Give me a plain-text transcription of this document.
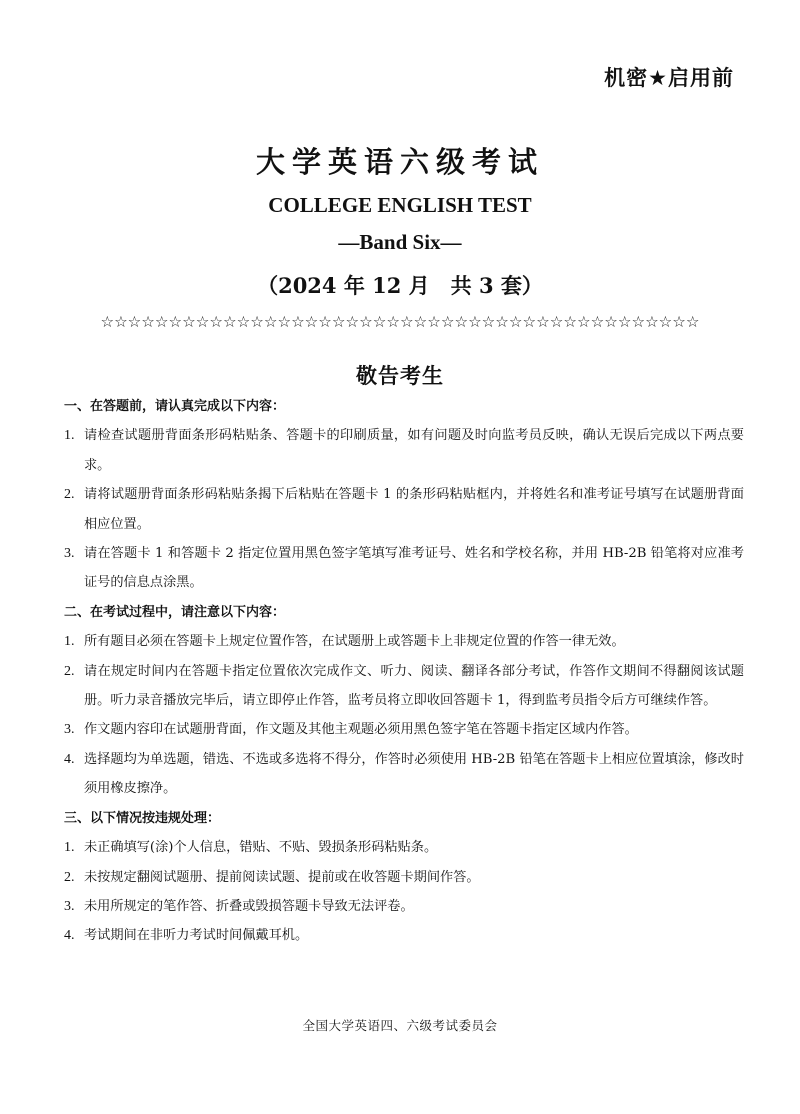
机密★启用前
大学英语六级考试
COLLEGE ENGLISH TEST
—Band Six—
（2024 年 12 月　共 3 套）
☆☆☆☆☆☆☆☆☆☆☆☆☆☆☆☆☆☆☆☆☆☆☆☆☆☆☆☆☆☆☆☆☆☆☆☆☆☆☆☆☆☆☆☆
敬告考生
一、在答题前，请认真完成以下内容：
1. 请检查试题册背面条形码粘贴条、答题卡的印刷质量，如有问题及时向监考员反映，确认无误后完成以下两点要求。
2. 请将试题册背面条形码粘贴条揭下后粘贴在答题卡 1 的条形码粘贴框内，并将姓名和准考证号填写在试题册背面相应位置。
3. 请在答题卡 1 和答题卡 2 指定位置用黑色签字笔填写准考证号、姓名和学校名称，并用 HB-2B 铅笔将对应准考证号的信息点涂黑。
二、在考试过程中，请注意以下内容：
1. 所有题目必须在答题卡上规定位置作答，在试题册上或答题卡上非规定位置的作答一律无效。
2. 请在规定时间内在答题卡指定位置依次完成作文、听力、阅读、翻译各部分考试，作答作文期间不得翻阅该试题册。听力录音播放完毕后，请立即停止作答，监考员将立即收回答题卡 1，得到监考员指令后方可继续作答。
3. 作文题内容印在试题册背面，作文题及其他主观题必须用黑色签字笔在答题卡指定区域内作答。
4. 选择题均为单选题，错选、不选或多选将不得分，作答时必须使用 HB-2B 铅笔在答题卡上相应位置填涂，修改时须用橡皮擦净。
三、以下情况按违规处理：
1. 未正确填写(涂)个人信息，错贴、不贴、毁损条形码粘贴条。
2. 未按规定翻阅试题册、提前阅读试题、提前或在收答题卡期间作答。
3. 未用所规定的笔作答、折叠或毁损答题卡导致无法评卷。
4. 考试期间在非听力考试时间佩戴耳机。
全国大学英语四、六级考试委员会
